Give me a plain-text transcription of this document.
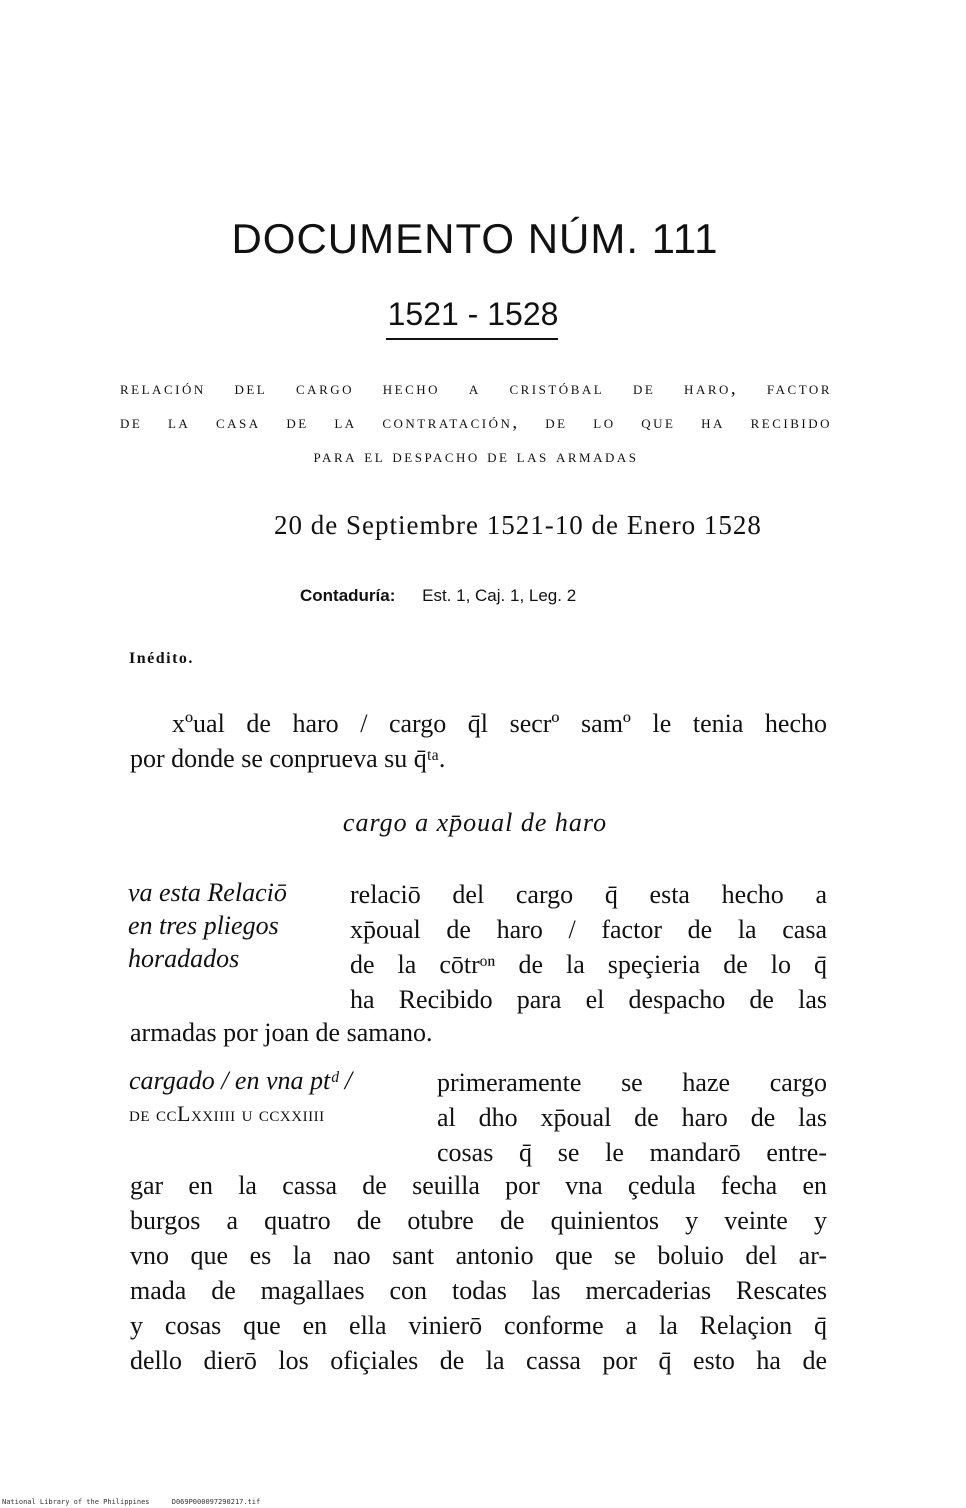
DOCUMENTO NÚM. 111
1521 - 1528
relación del cargo hecho a cristóbal de haro, factor
de la casa de la contratación, de lo que ha recibido
para el despacho de las armadas
20 de Septiembre 1521-10 de Enero 1528
Contaduría: Est. 1, Caj. 1, Leg. 2
Inédito.
xºual de haro / cargo q̄l secrº samº le tenia hecho
por donde se conprueva su q̄ᵗᵃ.
cargo a xp̄oual de haro
va esta Relaciō
en tres pliegos
horadados
relaciō del cargo q̄ esta hecho a
xp̄oual de haro / factor de la casa
de la cōtrᵒⁿ de la speçieria de lo q̄
ha Recibido para el despacho de las
armadas por joan de samano.
cargado / en vna ptᵈ /
de ccLxxiiii u ccxxiiii
primeramente se haze cargo
al dho xp̄oual de haro de las
cosas q̄ se le mandarō entre-
gar en la cassa de seuilla por vna çedula fecha en
burgos a quatro de otubre de quinientos y veinte y
vno que es la nao sant antonio que se boluio del ar-
mada de magallaes con todas las mercaderias Rescates
y cosas que en ella vinierō conforme a la Relaçion q̄
dello dierō los ofiçiales de la cassa por q̄ esto ha de
National Library of the Philippines	D069P000097290217.tif
